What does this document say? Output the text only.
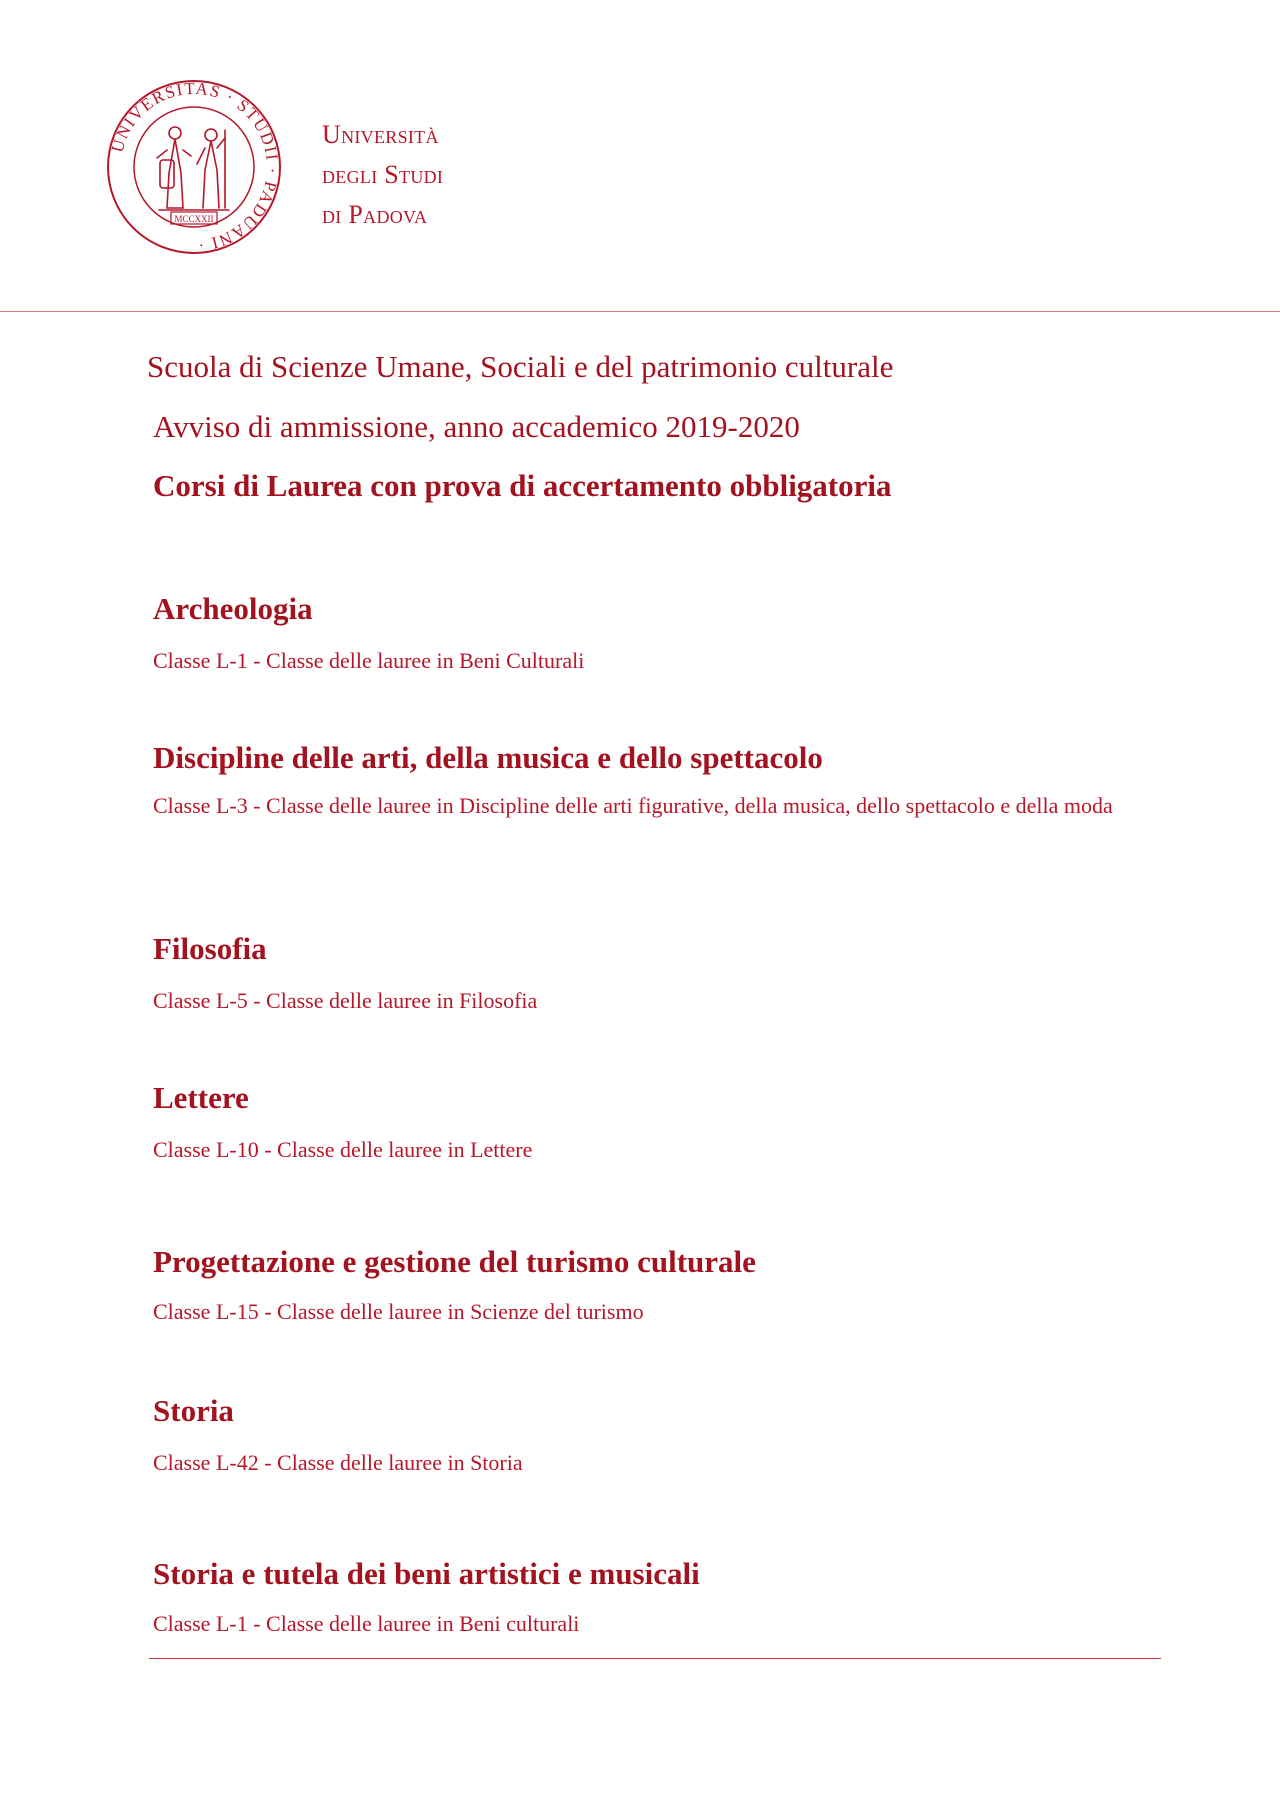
UNIVERSITAS · STUDII · PADUANI ·
MCCXXII
Università
degli Studi
di Padova
Scuola di Scienze Umane, Sociali e del patrimonio culturale
Avviso di ammissione, anno accademico 2019-2020
Corsi di Laurea con prova di accertamento obbligatoria
Archeologia
Classe L-1 - Classe delle lauree in Beni Culturali
Discipline delle arti, della musica e dello spettacolo
Classe L-3 - Classe delle lauree in Discipline delle arti figurative, della musica, dello spettacolo e della moda
Filosofia
Classe L-5 - Classe delle lauree in Filosofia
Lettere
Classe L-10 - Classe delle lauree in Lettere
Progettazione e gestione del turismo culturale
Classe L-15 - Classe delle lauree in Scienze del turismo
Storia
Classe L-42 - Classe delle lauree in Storia
Storia e tutela dei beni artistici e musicali
Classe L-1 - Classe delle lauree in Beni culturali
